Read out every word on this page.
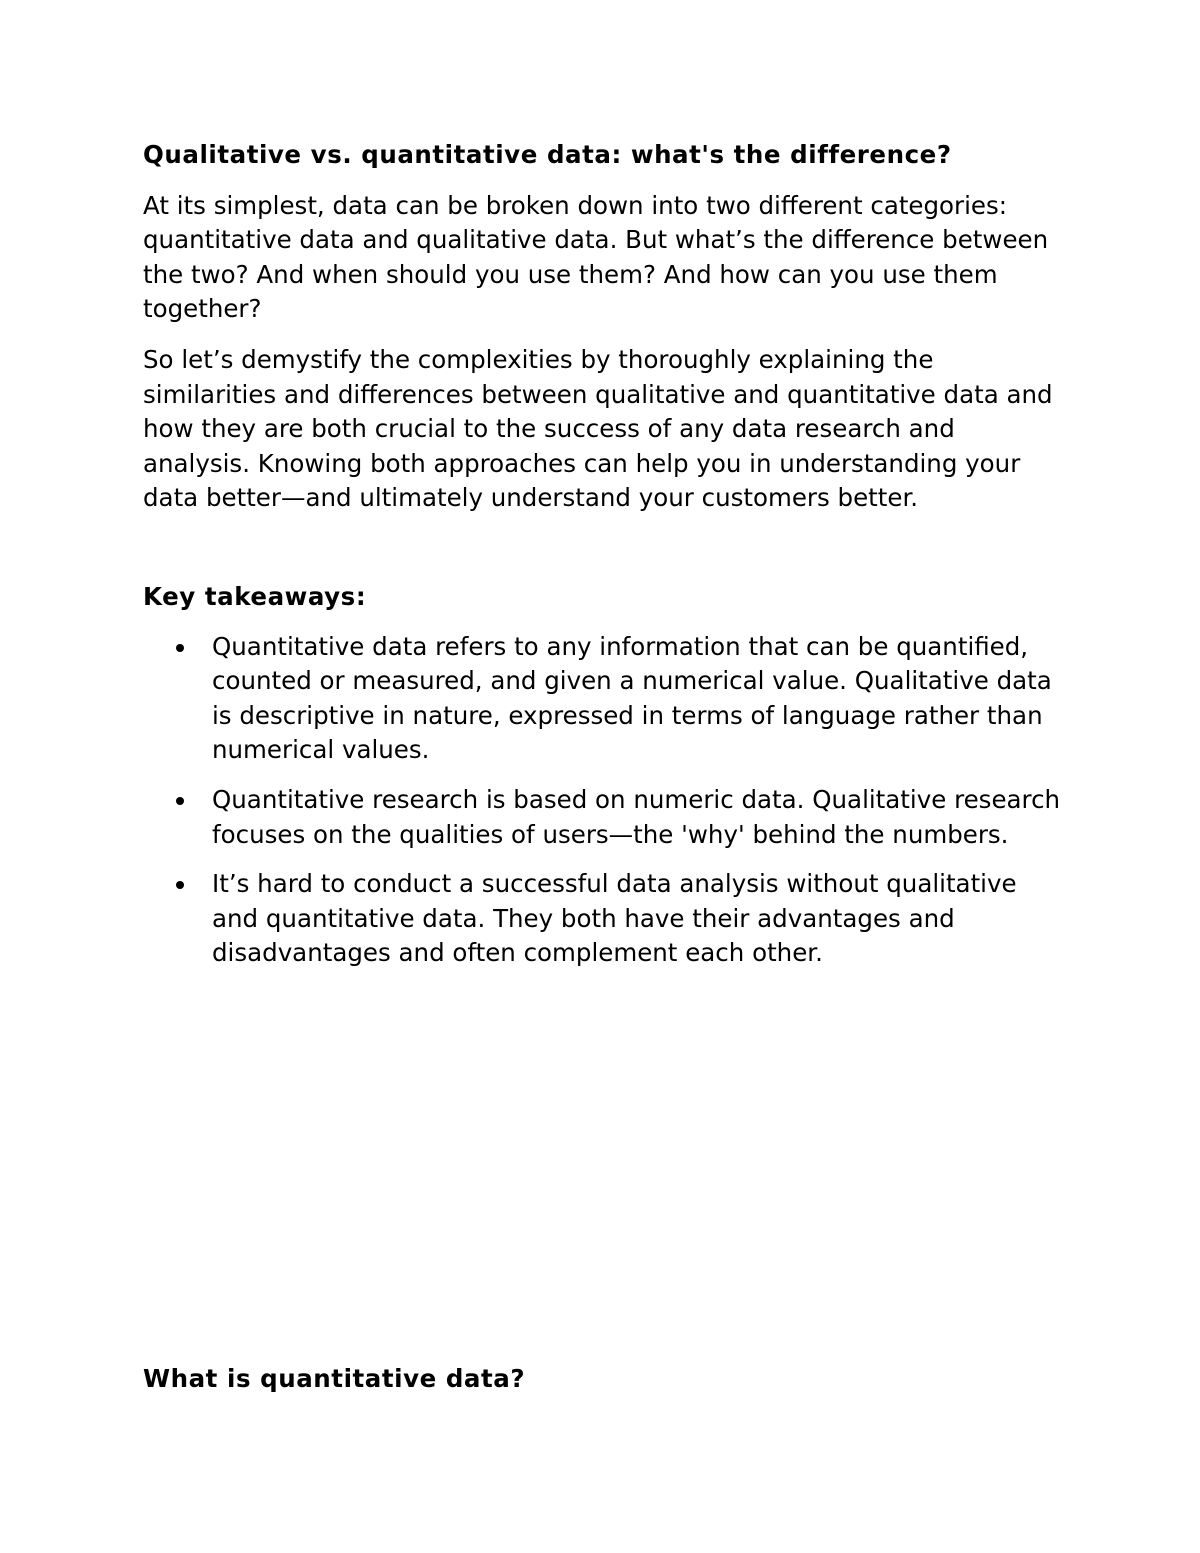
Qualitative vs. quantitative data: what's the difference?

At its simplest, data can be broken down into two different categories: quantitative data and qualitative data. But what’s the difference between the two? And when should you use them? And how can you use them together?

So let’s demystify the complexities by thoroughly explaining the similarities and differences between qualitative and quantitative data and how they are both crucial to the success of any data research and analysis. Knowing both approaches can help you in understanding your data better—and ultimately understand your customers better.

Key takeaways:

Quantitative data refers to any information that can be quantified, counted or measured, and given a numerical value. Qualitative data is descriptive in nature, expressed in terms of language rather than numerical values.
Quantitative research is based on numeric data. Qualitative research focuses on the qualities of users—the 'why' behind the numbers.
It’s hard to conduct a successful data analysis without qualitative and quantitative data. They both have their advantages and disadvantages and often complement each other.

What is quantitative data?
